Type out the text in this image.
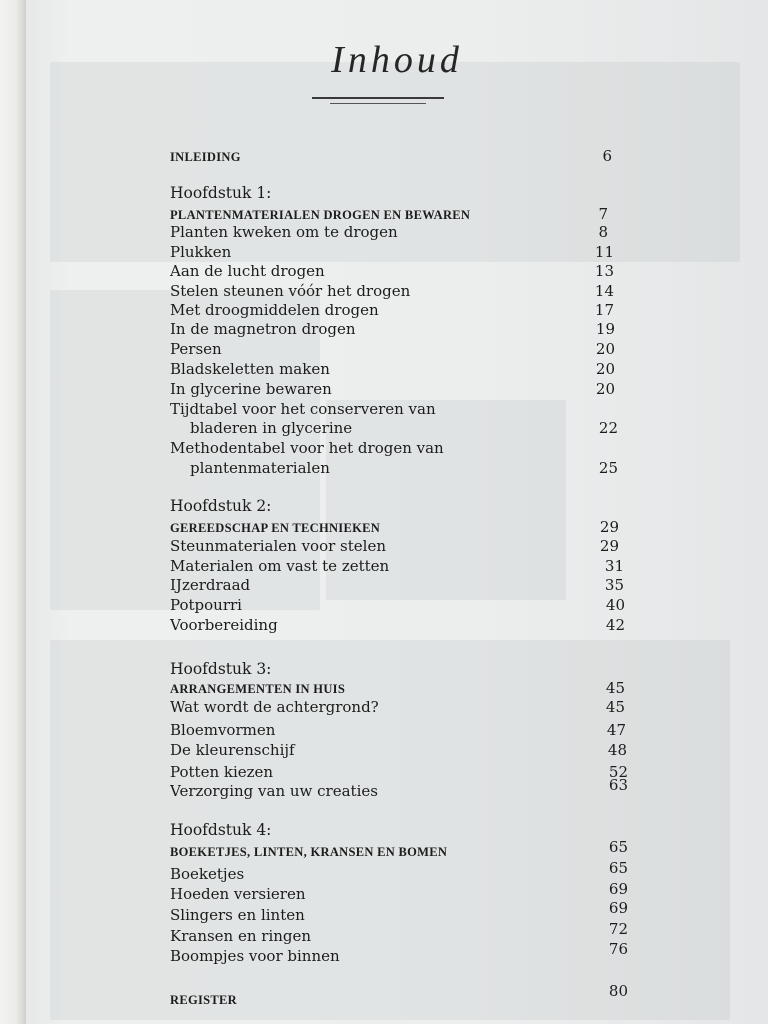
Inhoud
INLEIDING	6
Hoofdstuk 1:
PLANTENMATERIALEN DROGEN EN BEWAREN	7
Planten kweken om te drogen	8
Plukken	11
Aan de lucht drogen	13
Stelen steunen vóór het drogen	14
Met droogmiddelen drogen	17
In de magnetron drogen	19
Persen	20
Bladskeletten maken	20
In glycerine bewaren	20
Tijdtabel voor het conserveren van
bladeren in glycerine	22
Methodentabel voor het drogen van
plantenmaterialen	25
Hoofdstuk 2:
GEREEDSCHAP EN TECHNIEKEN	29
Steunmaterialen voor stelen	29
Materialen om vast te zetten	31
IJzerdraad	35
Potpourri	40
Voorbereiding	42
Hoofdstuk 3:
ARRANGEMENTEN IN HUIS	45
Wat wordt de achtergrond?	45
Bloemvormen	47
De kleurenschijf	48
Potten kiezen	52
Verzorging van uw creaties	63
Hoofdstuk 4:
BOEKETJES, LINTEN, KRANSEN EN BOMEN	65
Boeketjes	65
Hoeden versieren	69
Slingers en linten	69
Kransen en ringen	72
Boompjes voor binnen	76
REGISTER	80
